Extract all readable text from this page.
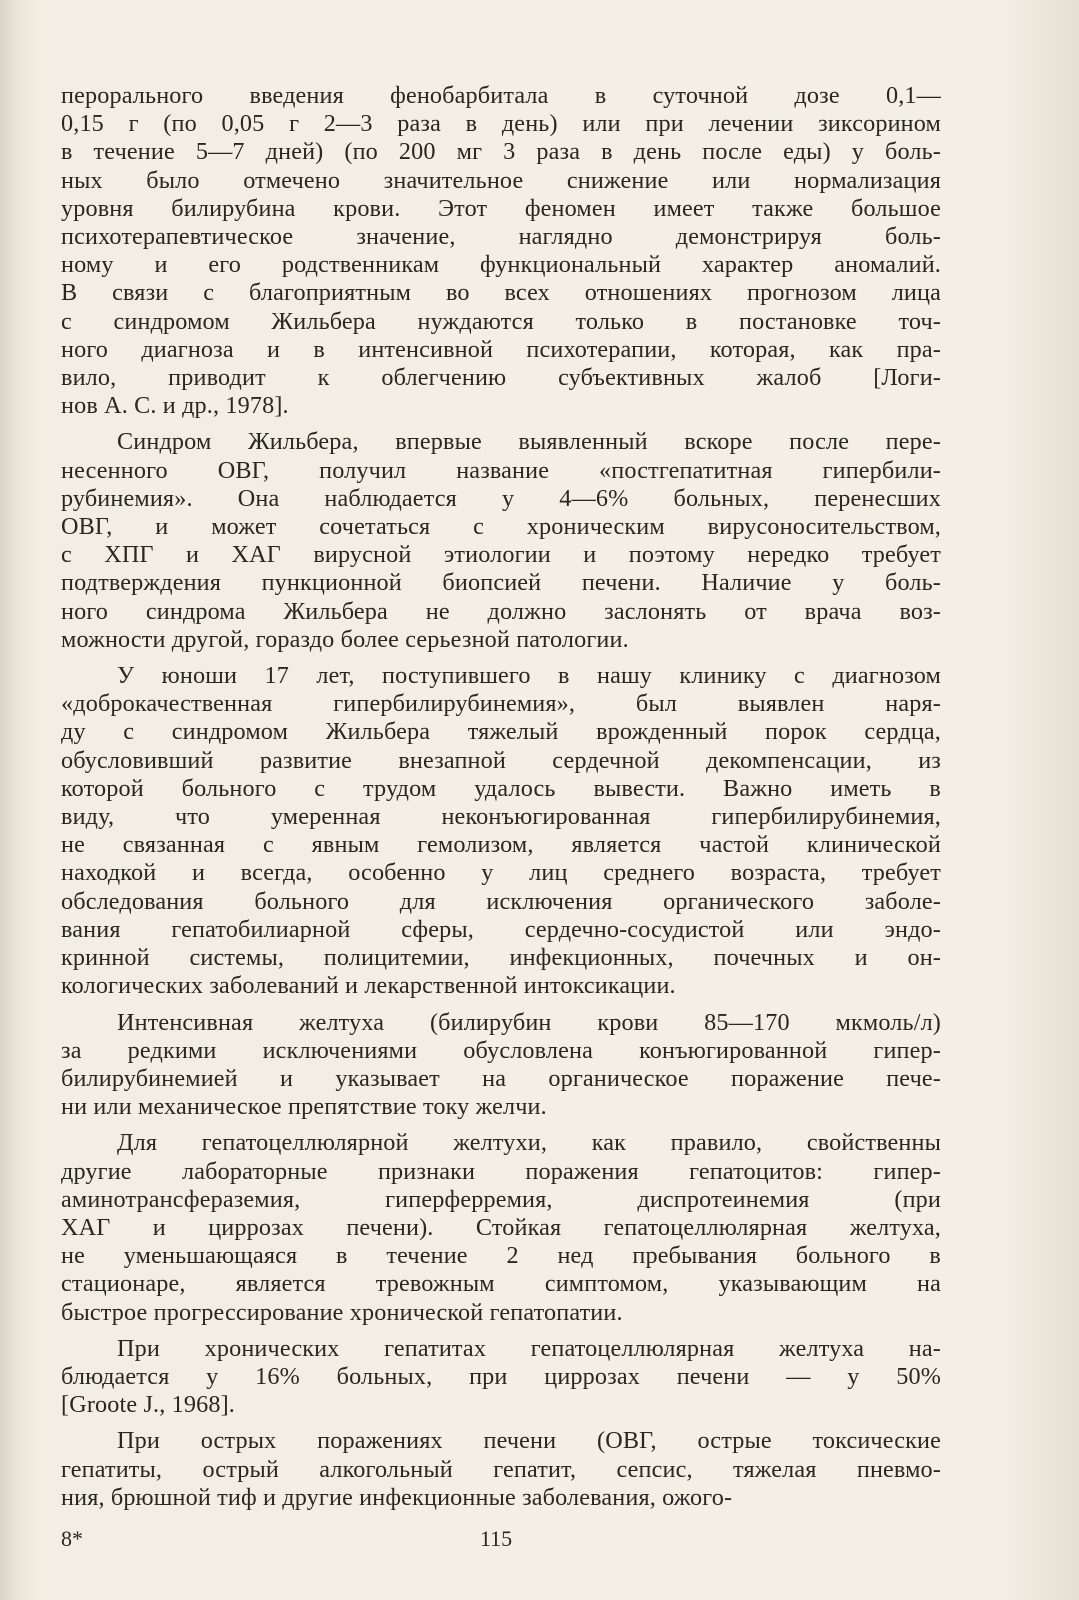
перорального введения фенобарбитала в суточной дозе 0,1—
0,15 г (по 0,05 г 2—3 раза в день) или при лечении зиксорином
в течение 5—7 дней) (по 200 мг 3 раза в день после еды) у боль-
ных было отмечено значительное снижение или нормализация
уровня билирубина крови. Этот феномен имеет также большое
психотерапевтическое значение, наглядно демонстрируя боль-
ному и его родственникам функциональный характер аномалий.
В связи с благоприятным во всех отношениях прогнозом лица
с синдромом Жильбера нуждаются только в постановке точ-
ного диагноза и в интенсивной психотерапии, которая, как пра-
вило, приводит к облегчению субъективных жалоб [Логи-
нов А. С. и др., 1978].
Синдром Жильбера, впервые выявленный вскоре после пере-
несенного ОВГ, получил название «постгепатитная гипербили-
рубинемия». Она наблюдается у 4—6% больных, перенесших
ОВГ, и может сочетаться с хроническим вирусоносительством,
с ХПГ и ХАГ вирусной этиологии и поэтому нередко требует
подтверждения пункционной биопсией печени. Наличие у боль-
ного синдрома Жильбера не должно заслонять от врача воз-
можности другой, гораздо более серьезной патологии.
У юноши 17 лет, поступившего в нашу клинику с диагнозом
«доброкачественная гипербилирубинемия», был выявлен наря-
ду с синдромом Жильбера тяжелый врожденный порок сердца,
обусловивший развитие внезапной сердечной декомпенсации, из
которой больного с трудом удалось вывести. Важно иметь в
виду, что умеренная неконъюгированная гипербилирубинемия,
не связанная с явным гемолизом, является частой клинической
находкой и всегда, особенно у лиц среднего возраста, требует
обследования больного для исключения органического заболе-
вания гепатобилиарной сферы, сердечно-сосудистой или эндо-
кринной системы, полицитемии, инфекционных, почечных и он-
кологических заболеваний и лекарственной интоксикации.
Интенсивная желтуха (билирубин крови 85—170 мкмоль/л)
за редкими исключениями обусловлена конъюгированной гипер-
билирубинемией и указывает на органическое поражение пече-
ни или механическое препятствие току желчи.
Для гепатоцеллюлярной желтухи, как правило, свойственны
другие лабораторные признаки поражения гепатоцитов: гипер-
аминотрансфераземия, гиперферремия, диспротеинемия (при
ХАГ и циррозах печени). Стойкая гепатоцеллюлярная желтуха,
не уменьшающаяся в течение 2 нед пребывания больного в
стационаре, является тревожным симптомом, указывающим на
быстрое прогрессирование хронической гепатопатии.
При хронических гепатитах гепатоцеллюлярная желтуха на-
блюдается у 16% больных, при циррозах печени — у 50%
[Groote J., 1968].
При острых поражениях печени (ОВГ, острые токсические
гепатиты, острый алкогольный гепатит, сепсис, тяжелая пневмо-
ния, брюшной тиф и другие инфекционные заболевания, ожого-
8*	115
